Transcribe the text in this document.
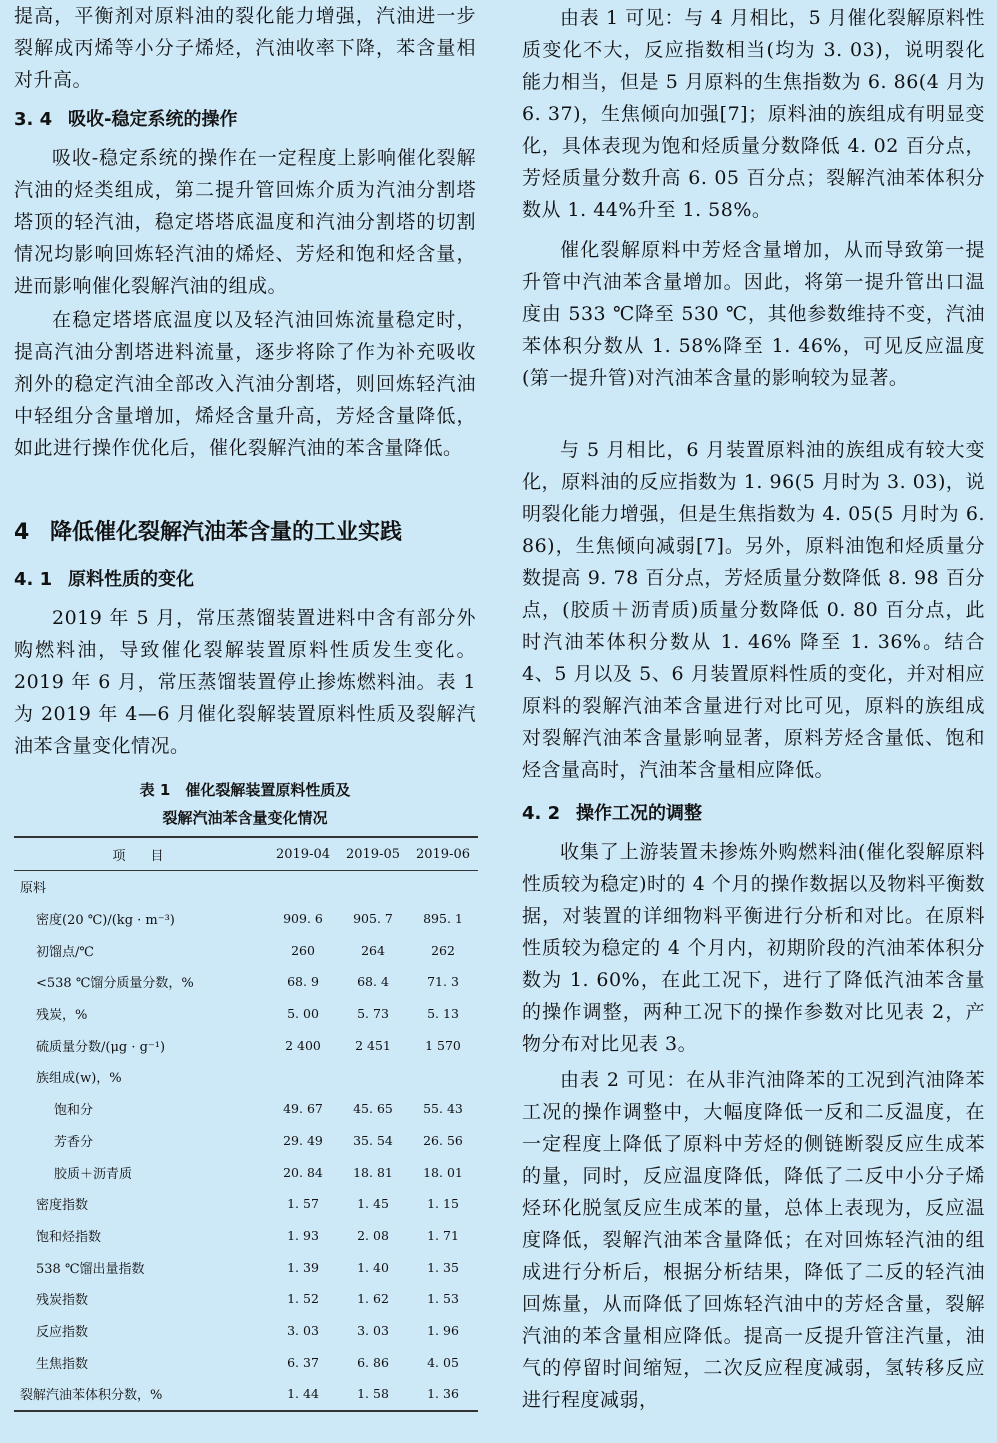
提高，平衡剂对原料油的裂化能力增强，汽油进一步裂解成丙烯等小分子烯烃，汽油收率下降，苯含量相对升高。

3. 4 吸收-稳定系统的操作

吸收-稳定系统的操作在一定程度上影响催化裂解汽油的烃类组成，第二提升管回炼介质为汽油分割塔塔顶的轻汽油，稳定塔塔底温度和汽油分割塔的切割情况均影响回炼轻汽油的烯烃、芳烃和饱和烃含量，进而影响催化裂解汽油的组成。

在稳定塔塔底温度以及轻汽油回炼流量稳定时，提高汽油分割塔进料流量，逐步将除了作为补充吸收剂外的稳定汽油全部改入汽油分割塔，则回炼轻汽油中轻组分含量增加，烯烃含量升高，芳烃含量降低，如此进行操作优化后，催化裂解汽油的苯含量降低。

4 降低催化裂解汽油苯含量的工业实践
4. 1 原料性质的变化

2019 年 5 月，常压蒸馏装置进料中含有部分外购燃料油，导致催化裂解装置原料性质发生变化。2019 年 6 月，常压蒸馏装置停止掺炼燃料油。表 1 为 2019 年 4—6 月催化裂解装置原料性质及裂解汽油苯含量变化情况。

表 1　催化裂解装置原料性质及

裂解汽油苯含量变化情况

项　目	2019-04	2019-05	2019-06
原料			
密度(20 ℃)/(kg · m⁻³)	909. 6	905. 7	895. 1
初馏点/℃	260	264	262
<538 ℃馏分质量分数，%	68. 9	68. 4	71. 3
残炭，%	5. 00	5. 73	5. 13
硫质量分数/(μg · g⁻¹)	2 400	2 451	1 570
族组成(w)，%			
饱和分	49. 67	45. 65	55. 43
芳香分	29. 49	35. 54	26. 56
胶质＋沥青质	20. 84	18. 81	18. 01
密度指数	1. 57	1. 45	1. 15
饱和烃指数	1. 93	2. 08	1. 71
538 ℃馏出量指数	1. 39	1. 40	1. 35
残炭指数	1. 52	1. 62	1. 53
反应指数	3. 03	3. 03	1. 96
生焦指数	6. 37	6. 86	4. 05
裂解汽油苯体积分数，%	1. 44	1. 58	1. 36

由表 1 可见：与 4 月相比，5 月催化裂解原料性质变化不大，反应指数相当(均为 3. 03)，说明裂化能力相当，但是 5 月原料的生焦指数为 6. 86(4 月为 6. 37)，生焦倾向加强[7]；原料油的族组成有明显变化，具体表现为饱和烃质量分数降低 4. 02 百分点，芳烃质量分数升高 6. 05 百分点；裂解汽油苯体积分数从 1. 44%升至 1. 58%。

催化裂解原料中芳烃含量增加，从而导致第一提升管中汽油苯含量增加。因此，将第一提升管出口温度由 533 ℃降至 530 ℃，其他参数维持不变，汽油苯体积分数从 1. 58%降至 1. 46%，可见反应温度(第一提升管)对汽油苯含量的影响较为显著。

与 5 月相比，6 月装置原料油的族组成有较大变化，原料油的反应指数为 1. 96(5 月时为 3. 03)，说明裂化能力增强，但是生焦指数为 4. 05(5 月时为 6. 86)，生焦倾向减弱[7]。另外，原料油饱和烃质量分数提高 9. 78 百分点，芳烃质量分数降低 8. 98 百分点，(胶质＋沥青质)质量分数降低 0. 80 百分点，此时汽油苯体积分数从 1. 46% 降至 1. 36%。结合 4、5 月以及 5、6 月装置原料性质的变化，并对相应原料的裂解汽油苯含量进行对比可见，原料的族组成对裂解汽油苯含量影响显著，原料芳烃含量低、饱和烃含量高时，汽油苯含量相应降低。

4. 2 操作工况的调整

收集了上游装置未掺炼外购燃料油(催化裂解原料性质较为稳定)时的 4 个月的操作数据以及物料平衡数据，对装置的详细物料平衡进行分析和对比。在原料性质较为稳定的 4 个月内，初期阶段的汽油苯体积分数为 1. 60%，在此工况下，进行了降低汽油苯含量的操作调整，两种工况下的操作参数对比见表 2，产物分布对比见表 3。

由表 2 可见：在从非汽油降苯的工况到汽油降苯工况的操作调整中，大幅度降低一反和二反温度，在一定程度上降低了原料中芳烃的侧链断裂反应生成苯的量，同时，反应温度降低，降低了二反中小分子烯烃环化脱氢反应生成苯的量，总体上表现为，反应温度降低，裂解汽油苯含量降低；在对回炼轻汽油的组成进行分析后，根据分析结果，降低了二反的轻汽油回炼量，从而降低了回炼轻汽油中的芳烃含量，裂解汽油的苯含量相应降低。提高一反提升管注汽量，油气的停留时间缩短，二次反应程度减弱，氢转移反应进行程度减弱，
